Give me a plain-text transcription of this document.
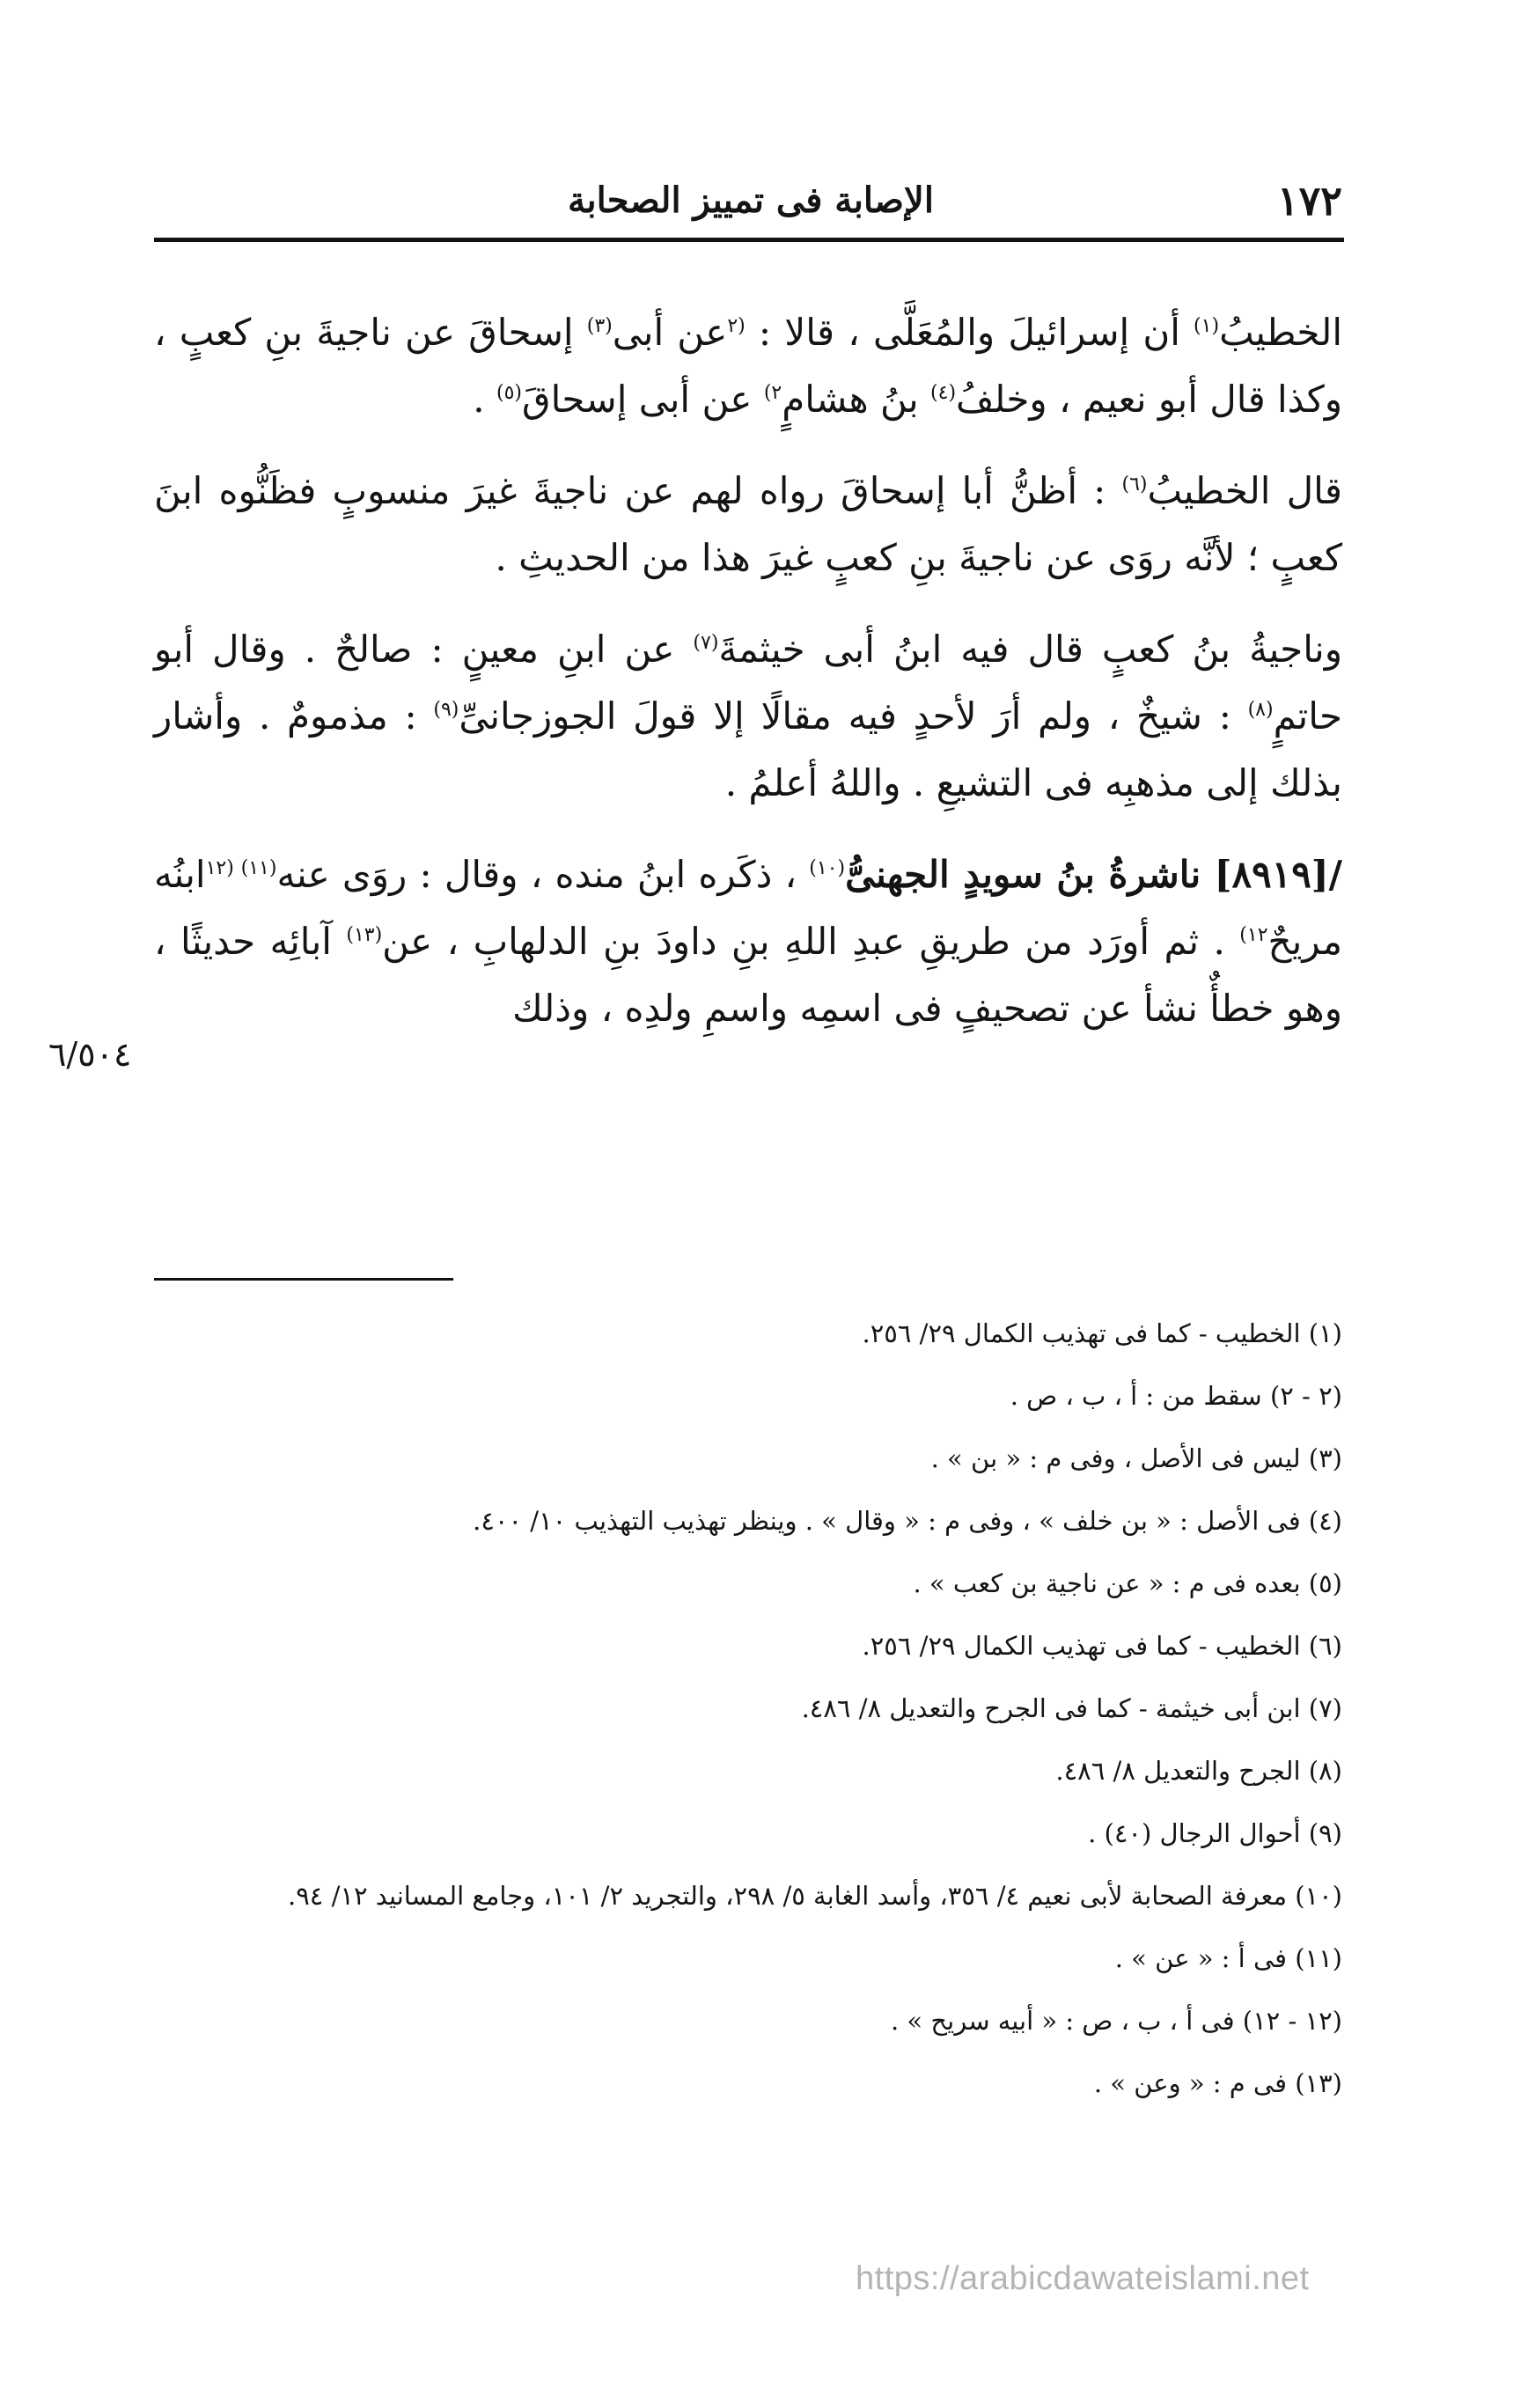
١٧٢
الإصابة فى تمييز الصحابة

الخطيبُ$^{(١)}$ أن إسرائيلَ والمُعَلَّى ، قالا : $^{(٢}$عن أبى$^{(٣)}$ إسحاقَ عن ناجيةَ بنِ كعبٍ ، وكذا قال أبو نعيم ، وخلفُ$^{(٤)}$ بنُ هشامٍ$^{٢)}$ عن أبى إسحاقَ$^{(٥)}$ .

قال الخطيبُ$^{(٦)}$ : أظنُّ أبا إسحاقَ رواه لهم عن ناجيةَ غيرَ منسوبٍ فظَنُّوه ابنَ كعبٍ ؛ لأنَّه روَى عن ناجيةَ بنِ كعبٍ غيرَ هذا من الحديثِ .

وناجيةُ بنُ كعبٍ قال فيه ابنُ أبى خيثمةَ$^{(٧)}$ عن ابنِ معينٍ : صالحٌ . وقال أبو حاتمٍ$^{(٨)}$ : شيخٌ ، ولم أرَ لأحدٍ فيه مقالًا إلا قولَ الجوزجانىِّ$^{(٩)}$ : مذمومٌ . وأشار بذلك إلى مذهبِه فى التشيعِ . واللهُ أعلمُ .

/[٨٩١٩] ناشرةُ بنُ سويدٍ الجهنىُّ$^{(١٠)}$ ، ذكَره ابنُ منده ، وقال : روَى عنه$^{(١١)}$ $^{(١٢}$ابنُه مريحٌ$^{١٢)}$ . ثم أورَد من طريقِ عبدِ اللهِ بنِ داودَ بنِ الدلهابِ ، عن$^{(١٣)}$ آبائِه حديثًا ، وهو خطأٌ نشأ عن تصحيفٍ فى اسمِه واسمِ ولدِه ، وذلك

٦/٥٠٤
(١) الخطيب - كما فى تهذيب الكمال ٢٩/ ٢٥٦.
(٢ - ٢) سقط من : أ ، ب ، ص .
(٣) ليس فى الأصل ، وفى م : « بن » .
(٤) فى الأصل : « بن خلف » ، وفى م : « وقال » . وينظر تهذيب التهذيب ١٠/ ٤٠٠.
(٥) بعده فى م : « عن ناجية بن كعب » .
(٦) الخطيب - كما فى تهذيب الكمال ٢٩/ ٢٥٦.
(٧) ابن أبى خيثمة - كما فى الجرح والتعديل ٨/ ٤٨٦.
(٨) الجرح والتعديل ٨/ ٤٨٦.
(٩) أحوال الرجال (٤٠) .
(١٠) معرفة الصحابة لأبى نعيم ٤/ ٣٥٦، وأسد الغابة ٥/ ٢٩٨، والتجريد ٢/ ١٠١، وجامع المسانيد ١٢/ ٩٤.
(١١) فى أ : « عن » .
(١٢ - ١٢) فى أ ، ب ، ص : « أبيه سريح » .
(١٣) فى م : « وعن » .
https://arabicdawateislami.net
